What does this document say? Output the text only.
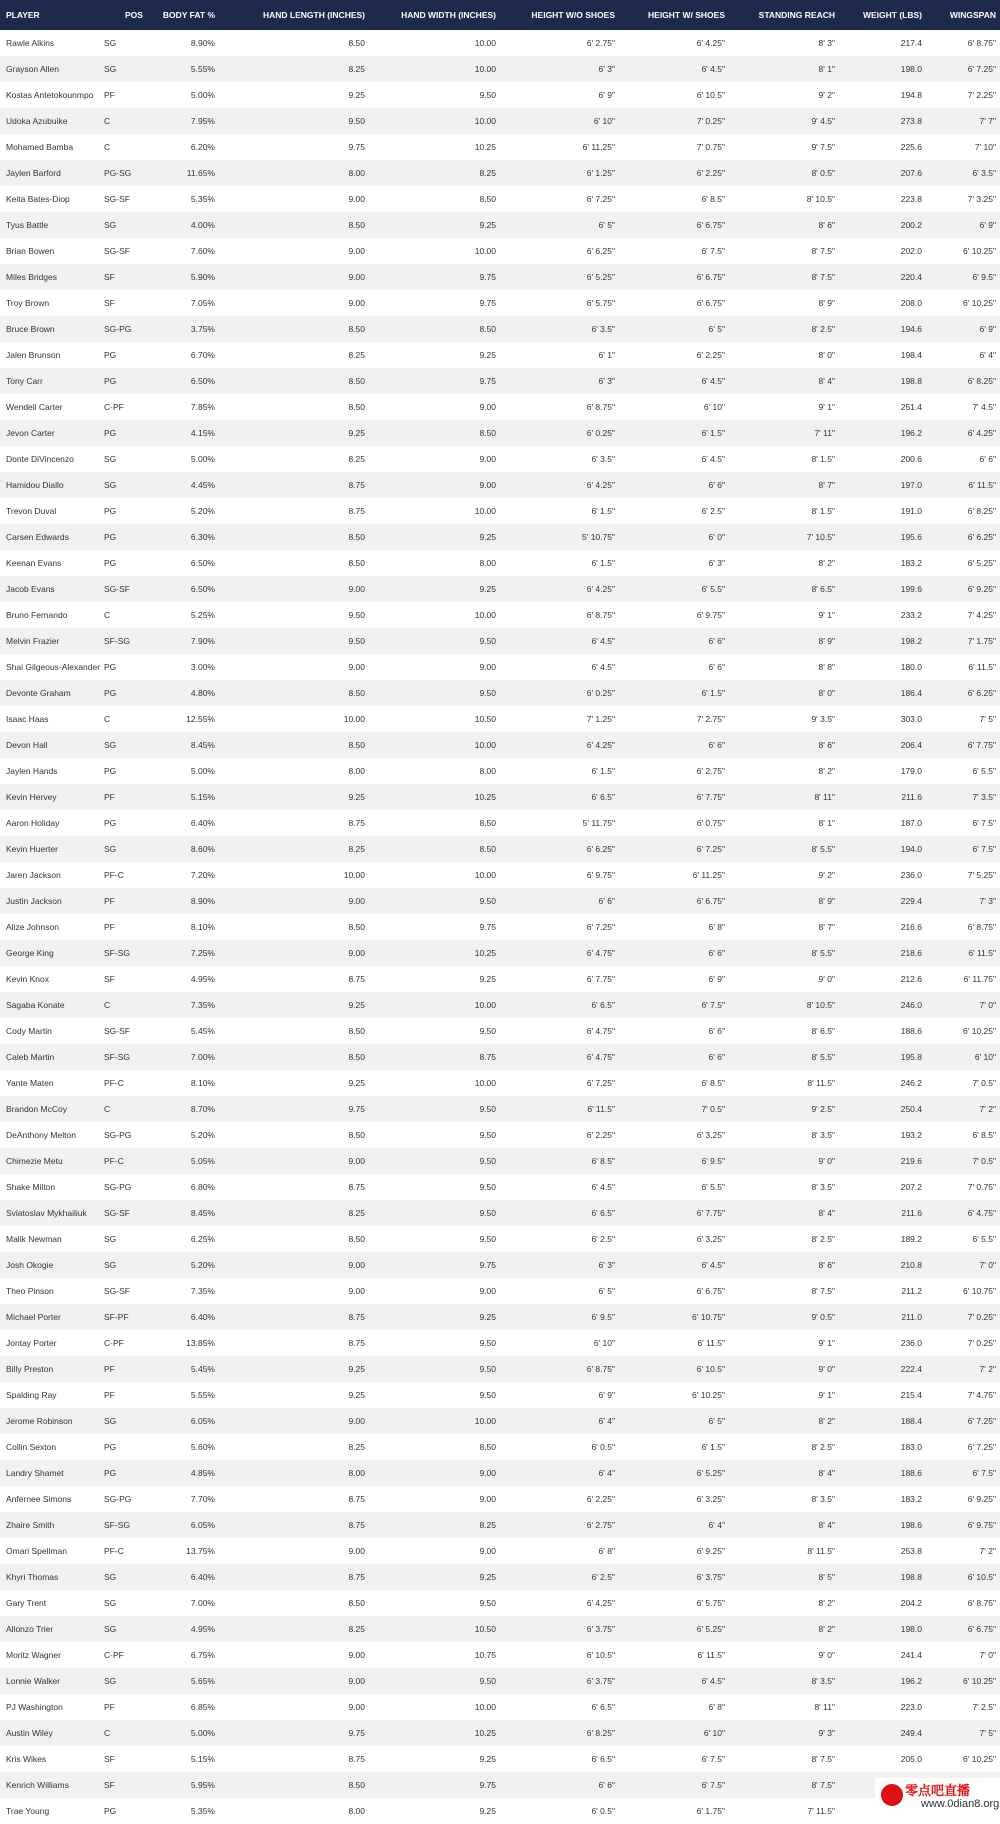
PLAYER	POS	BODY FAT %	HAND LENGTH (INCHES)	HAND WIDTH (INCHES)	HEIGHT W/O SHOES	HEIGHT W/ SHOES	STANDING REACH	WEIGHT (LBS)	WINGSPAN
Rawle Alkins	SG	8.90%	8.50	10.00	6' 2.75"	6' 4.25"	8' 3"	217.4	6' 8.75"
Grayson Allen	SG	5.55%	8.25	10.00	6' 3"	6' 4.5"	8' 1"	198.0	6' 7.25"
Kostas Antetokounmpo	PF	5.00%	9.25	9.50	6' 9"	6' 10.5"	9' 2"	194.8	7' 2.25"
Udoka Azubuike	C	7.95%	9.50	10.00	6' 10"	7' 0.25"	9' 4.5"	273.8	7' 7"
Mohamed Bamba	C	6.20%	9.75	10.25	6' 11.25"	7' 0.75"	9' 7.5"	225.6	7' 10"
Jaylen Barford	PG-SG	11.65%	8.00	8.25	6' 1.25"	6' 2.25"	8' 0.5"	207.6	6' 3.5"
Keita Bates-Diop	SG-SF	5.35%	9.00	8.50	6' 7.25"	6' 8.5"	8' 10.5"	223.8	7' 3.25"
Tyus Battle	SG	4.00%	8.50	9.25	6' 5"	6' 6.75"	8' 6"	200.2	6' 9"
Brian Bowen	SG-SF	7.60%	9.00	10.00	6' 6.25"	6' 7.5"	8' 7.5"	202.0	6' 10.25"
Miles Bridges	SF	5.90%	9.00	9.75	6' 5.25"	6' 6.75"	8' 7.5"	220.4	6' 9.5"
Troy Brown	SF	7.05%	9.00	9.75	6' 5.75"	6' 6.75"	8' 9"	208.0	6' 10.25"
Bruce Brown	SG-PG	3.75%	8.50	8.50	6' 3.5"	6' 5"	8' 2.5"	194.6	6' 9"
Jalen Brunson	PG	6.70%	8.25	9.25	6' 1"	6' 2.25"	8' 0"	198.4	6' 4"
Tony Carr	PG	6.50%	8.50	9.75	6' 3"	6' 4.5"	8' 4"	198.8	6' 8.25"
Wendell Carter	C-PF	7.85%	8.50	9.00	6' 8.75"	6' 10"	9' 1"	251.4	7' 4.5"
Jevon Carter	PG	4.15%	9.25	8.50	6' 0.25"	6' 1.5"	7' 11"	196.2	6' 4.25"
Donte DiVincenzo	SG	5.00%	8.25	9.00	6' 3.5"	6' 4.5"	8' 1.5"	200.6	6' 6"
Hamidou Diallo	SG	4.45%	8.75	9.00	6' 4.25"	6' 6"	8' 7"	197.0	6' 11.5"
Trevon Duval	PG	5.20%	8.75	10.00	6' 1.5"	6' 2.5"	8' 1.5"	191.0	6' 8.25"
Carsen Edwards	PG	6.30%	8.50	9.25	5' 10.75"	6' 0"	7' 10.5"	195.6	6' 6.25"
Keenan Evans	PG	6.50%	8.50	8.00	6' 1.5"	6' 3"	8' 2"	183.2	6' 5.25"
Jacob Evans	SG-SF	6.50%	9.00	9.25	6' 4.25"	6' 5.5"	8' 6.5"	199.6	6' 9.25"
Bruno Fernando	C	5.25%	9.50	10.00	6' 8.75"	6' 9.75"	9' 1"	233.2	7' 4.25"
Melvin Frazier	SF-SG	7.90%	9.50	9.50	6' 4.5"	6' 6"	8' 9"	198.2	7' 1.75"
Shai Gilgeous-Alexander PG	3.00%	9.00	9.00	6' 4.5"	6' 6"	8' 8"	180.0	6' 11.5"
Devonte Graham	PG	4.80%	8.50	9.50	6' 0.25"	6' 1.5"	8' 0"	186.4	6' 6.25"
Isaac Haas	C	12.55%	10.00	10.50	7' 1.25"	7' 2.75"	9' 3.5"	303.0	7' 5"
Devon Hall	SG	8.45%	8.50	10.00	6' 4.25"	6' 6"	8' 6"	206.4	6' 7.75"
Jaylen Hands	PG	5.00%	8.00	8.00	6' 1.5"	6' 2.75"	8' 2"	179.0	6' 5.5"
Kevin Hervey	PF	5.15%	9.25	10.25	6' 6.5"	6' 7.75"	8' 11"	211.6	7' 3.5"
Aaron Holiday	PG	6.40%	8.75	8.50	5' 11.75"	6' 0.75"	8' 1"	187.0	6' 7.5"
Kevin Huerter	SG	8.60%	8.25	8.50	6' 6.25"	6' 7.25"	8' 5.5"	194.0	6' 7.5"
Jaren Jackson	PF-C	7.20%	10.00	10.00	6' 9.75"	6' 11.25"	9' 2"	236.0	7' 5.25"
Justin Jackson	PF	8.90%	9.00	9.50	6' 6"	6' 6.75"	8' 9"	229.4	7' 3"
Alize Johnson	PF	8.10%	8.50	9.75	6' 7.25"	6' 8"	8' 7"	216.6	6' 8.75"
George King	SF-SG	7.25%	9.00	10.25	6' 4.75"	6' 6"	8' 5.5"	218.6	6' 11.5"
Kevin Knox	SF	4.95%	8.75	9.25	6' 7.75"	6' 9"	9' 0"	212.6	6' 11.75"
Sagaba Konate	C	7.35%	9.25	10.00	6' 6.5"	6' 7.5"	8' 10.5"	246.0	7' 0"
Cody Martin	SG-SF	5.45%	8.50	9.50	6' 4.75"	6' 6"	8' 6.5"	188.6	6' 10.25"
Caleb Martin	SF-SG	7.00%	8.50	8.75	6' 4.75"	6' 6"	8' 5.5"	195.8	6' 10"
Yante Maten	PF-C	8.10%	9.25	10.00	6' 7.25"	6' 8.5"	8' 11.5"	246.2	7' 0.5"
Brandon McCoy	C	8.70%	9.75	9.50	6' 11.5"	7' 0.5"	9' 2.5"	250.4	7' 2"
DeAnthony Melton	SG-PG	5.20%	8.50	9.50	6' 2.25"	6' 3.25"	8' 3.5"	193.2	6' 8.5"
Chimezie Metu	PF-C	5.05%	9.00	9.50	6' 8.5"	6' 9.5"	9' 0"	219.6	7' 0.5"
Shake Milton	SG-PG	6.80%	8.75	9.50	6' 4.5"	6' 5.5"	8' 3.5"	207.2	7' 0.75"
Sviatoslav Mykhailiuk	SG-SF	8.45%	8.25	9.50	6' 6.5"	6' 7.75"	8' 4"	211.6	6' 4.75"
Malik Newman	SG	6.25%	8.50	9.50	6' 2.5"	6' 3.25"	8' 2.5"	189.2	6' 5.5"
Josh Okogie	SG	5.20%	9.00	9.75	6' 3"	6' 4.5"	8' 6"	210.8	7' 0"
Theo Pinson	SG-SF	7.35%	9.00	9.00	6' 5"	6' 6.75"	8' 7.5"	211.2	6' 10.75"
Michael Porter	SF-PF	6.40%	8.75	9.25	6' 9.5"	6' 10.75"	9' 0.5"	211.0	7' 0.25"
Jontay Porter	C-PF	13.85%	8.75	9.50	6' 10"	6' 11.5"	9' 1"	236.0	7' 0.25"
Billy Preston	PF	5.45%	9.25	9.50	6' 8.75"	6' 10.5"	9' 0"	222.4	7' 2"
Spalding Ray	PF	5.55%	9.25	9.50	6' 9"	6' 10.25"	9' 1"	215.4	7' 4.75"
Jerome Robinson	SG	6.05%	9.00	10.00	6' 4"	6' 5"	8' 2"	188.4	6' 7.25"
Collin Sexton	PG	5.60%	8.25	8.50	6' 0.5"	6' 1.5"	8' 2.5"	183.0	6' 7.25"
Landry Shamet	PG	4.85%	8.00	9.00	6' 4"	6' 5.25"	8' 4"	188.6	6' 7.5"
Anfernee Simons	SG-PG	7.70%	8.75	9.00	6' 2.25"	6' 3.25"	8' 3.5"	183.2	6' 9.25"
Zhaire Smith	SF-SG	6.05%	8.75	8.25	6' 2.75"	6' 4"	8' 4"	198.6	6' 9.75"
Omari Spellman	PF-C	13.75%	9.00	9.00	6' 8"	6' 9.25"	8' 11.5"	253.8	7' 2"
Khyri Thomas	SG	6.40%	8.75	9.25	6' 2.5"	6' 3.75"	8' 5"	198.8	6' 10.5"
Gary Trent	SG	7.00%	8.50	9.50	6' 4.25"	6' 5.75"	8' 2"	204.2	6' 8.75"
Allonzo Trier	SG	4.95%	8.25	10.50	6' 3.75"	6' 5.25"	8' 2"	198.0	6' 6.75"
Moritz Wagner	C-PF	6.75%	9.00	10.75	6' 10.5"	6' 11.5"	9' 0"	241.4	7' 0"
Lonnie Walker	SG	5.65%	9.00	9.50	6' 3.75"	6' 4.5"	8' 3.5"	196.2	6' 10.25"
PJ Washington	PF	6.85%	9.00	10.00	6' 6.5"	6' 8"	8' 11"	223.0	7' 2.5"
Austin Wiley	C	5.00%	9.75	10.25	6' 8.25"	6' 10"	9' 3"	249.4	7' 5"
Kris Wikes	SF	5.15%	8.75	9.25	6' 6.5"	6' 7.5"	8' 7.5"	205.0	6' 10.25"
Kenrich Williams	SF	5.95%	8.50	9.75	6' 6"	6' 7.5"	8' 7.5"
Trae Young	PG	5.35%	8.00	9.25	6' 0.5"	6' 1.75"	7' 11.5"
零点吧直播
www.0dian8.org
